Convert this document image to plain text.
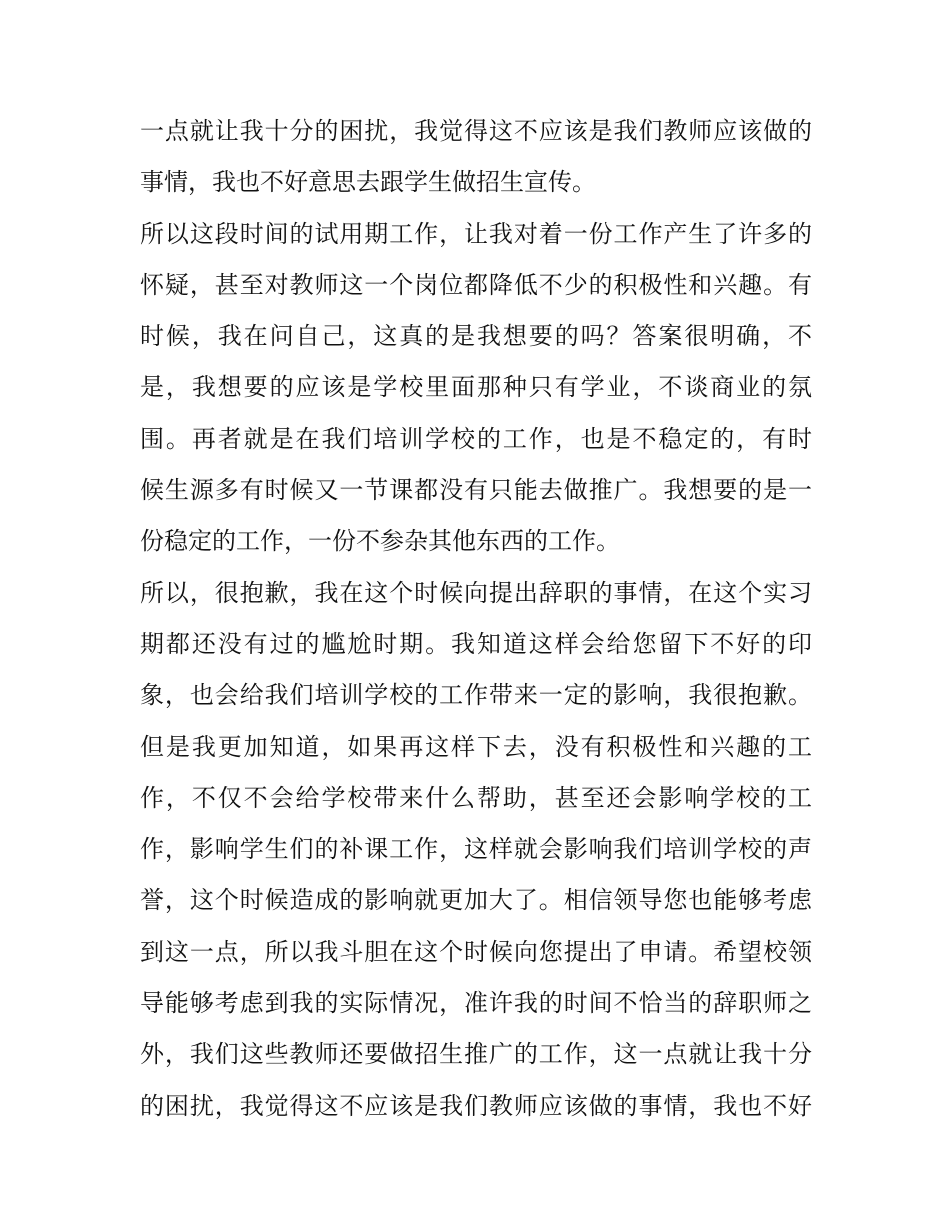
一点就让我十分的困扰，我觉得这不应该是我们教师应该做的
事情，我也不好意思去跟学生做招生宣传。
所以这段时间的试用期工作，让我对着一份工作产生了许多的
怀疑，甚至对教师这一个岗位都降低不少的积极性和兴趣。有
时候，我在问自己，这真的是我想要的吗？答案很明确，不
是，我想要的应该是学校里面那种只有学业，不谈商业的氛
围。再者就是在我们培训学校的工作，也是不稳定的，有时
候生源多有时候又一节课都没有只能去做推广。我想要的是一
份稳定的工作，一份不参杂其他东西的工作。
所以，很抱歉，我在这个时候向提出辞职的事情，在这个实习
期都还没有过的尴尬时期。我知道这样会给您留下不好的印
象，也会给我们培训学校的工作带来一定的影响，我很抱歉。
但是我更加知道，如果再这样下去，没有积极性和兴趣的工
作，不仅不会给学校带来什么帮助，甚至还会影响学校的工
作，影响学生们的补课工作，这样就会影响我们培训学校的声
誉，这个时候造成的影响就更加大了。相信领导您也能够考虑
到这一点，所以我斗胆在这个时候向您提出了申请。希望校领
导能够考虑到我的实际情况，准许我的时间不恰当的辞职师之
外，我们这些教师还要做招生推广的工作，这一点就让我十分
的困扰，我觉得这不应该是我们教师应该做的事情，我也不好
